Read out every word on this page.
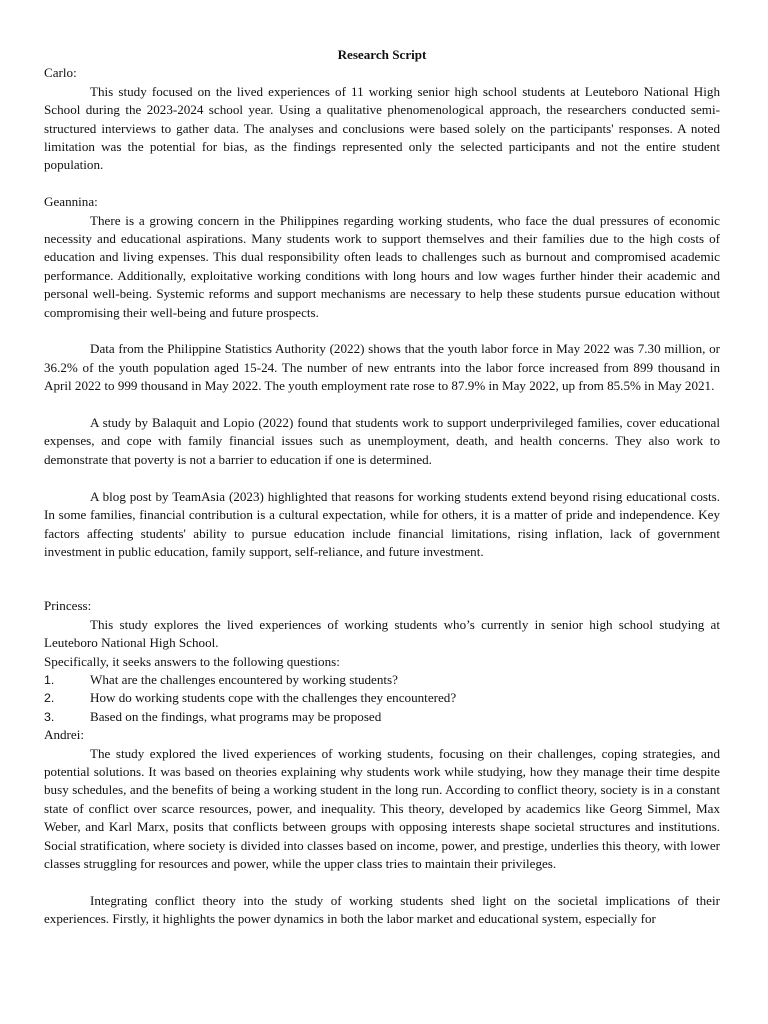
Research Script

Carlo:

This study focused on the lived experiences of 11 working senior high school students at Leuteboro National High School during the 2023-2024 school year. Using a qualitative phenomenological approach, the researchers conducted semi-structured interviews to gather data. The analyses and conclusions were based solely on the participants' responses. A noted limitation was the potential for bias, as the findings represented only the selected participants and not the entire student population.

Geannina:

There is a growing concern in the Philippines regarding working students, who face the dual pressures of economic necessity and educational aspirations. Many students work to support themselves and their families due to the high costs of education and living expenses. This dual responsibility often leads to challenges such as burnout and compromised academic performance. Additionally, exploitative working conditions with long hours and low wages further hinder their academic and personal well-being. Systemic reforms and support mechanisms are necessary to help these students pursue education without compromising their well-being and future prospects.

Data from the Philippine Statistics Authority (2022) shows that the youth labor force in May 2022 was 7.30 million, or 36.2% of the youth population aged 15-24. The number of new entrants into the labor force increased from 899 thousand in April 2022 to 999 thousand in May 2022. The youth employment rate rose to 87.9% in May 2022, up from 85.5% in May 2021.

A study by Balaquit and Lopio (2022) found that students work to support underprivileged families, cover educational expenses, and cope with family financial issues such as unemployment, death, and health concerns. They also work to demonstrate that poverty is not a barrier to education if one is determined.

A blog post by TeamAsia (2023) highlighted that reasons for working students extend beyond rising educational costs. In some families, financial contribution is a cultural expectation, while for others, it is a matter of pride and independence. Key factors affecting students' ability to pursue education include financial limitations, rising inflation, lack of government investment in public education, family support, self-reliance, and future investment.

Princess:

This study explores the lived experiences of working students who’s currently in senior high school studying at Leuteboro National High School.

Specifically, it seeks answers to the following questions:

1.	What are the challenges encountered by working students?
2.	How do working students cope with the challenges they encountered?
3.	Based on the findings, what programs may be proposed

Andrei:

The study explored the lived experiences of working students, focusing on their challenges, coping strategies, and potential solutions. It was based on theories explaining why students work while studying, how they manage their time despite busy schedules, and the benefits of being a working student in the long run. According to conflict theory, society is in a constant state of conflict over scarce resources, power, and inequality. This theory, developed by academics like Georg Simmel, Max Weber, and Karl Marx, posits that conflicts between groups with opposing interests shape societal structures and institutions. Social stratification, where society is divided into classes based on income, power, and prestige, underlies this theory, with lower classes struggling for resources and power, while the upper class tries to maintain their privileges.

Integrating conflict theory into the study of working students shed light on the societal implications of their experiences. Firstly, it highlights the power dynamics in both the labor market and educational system, especially for
